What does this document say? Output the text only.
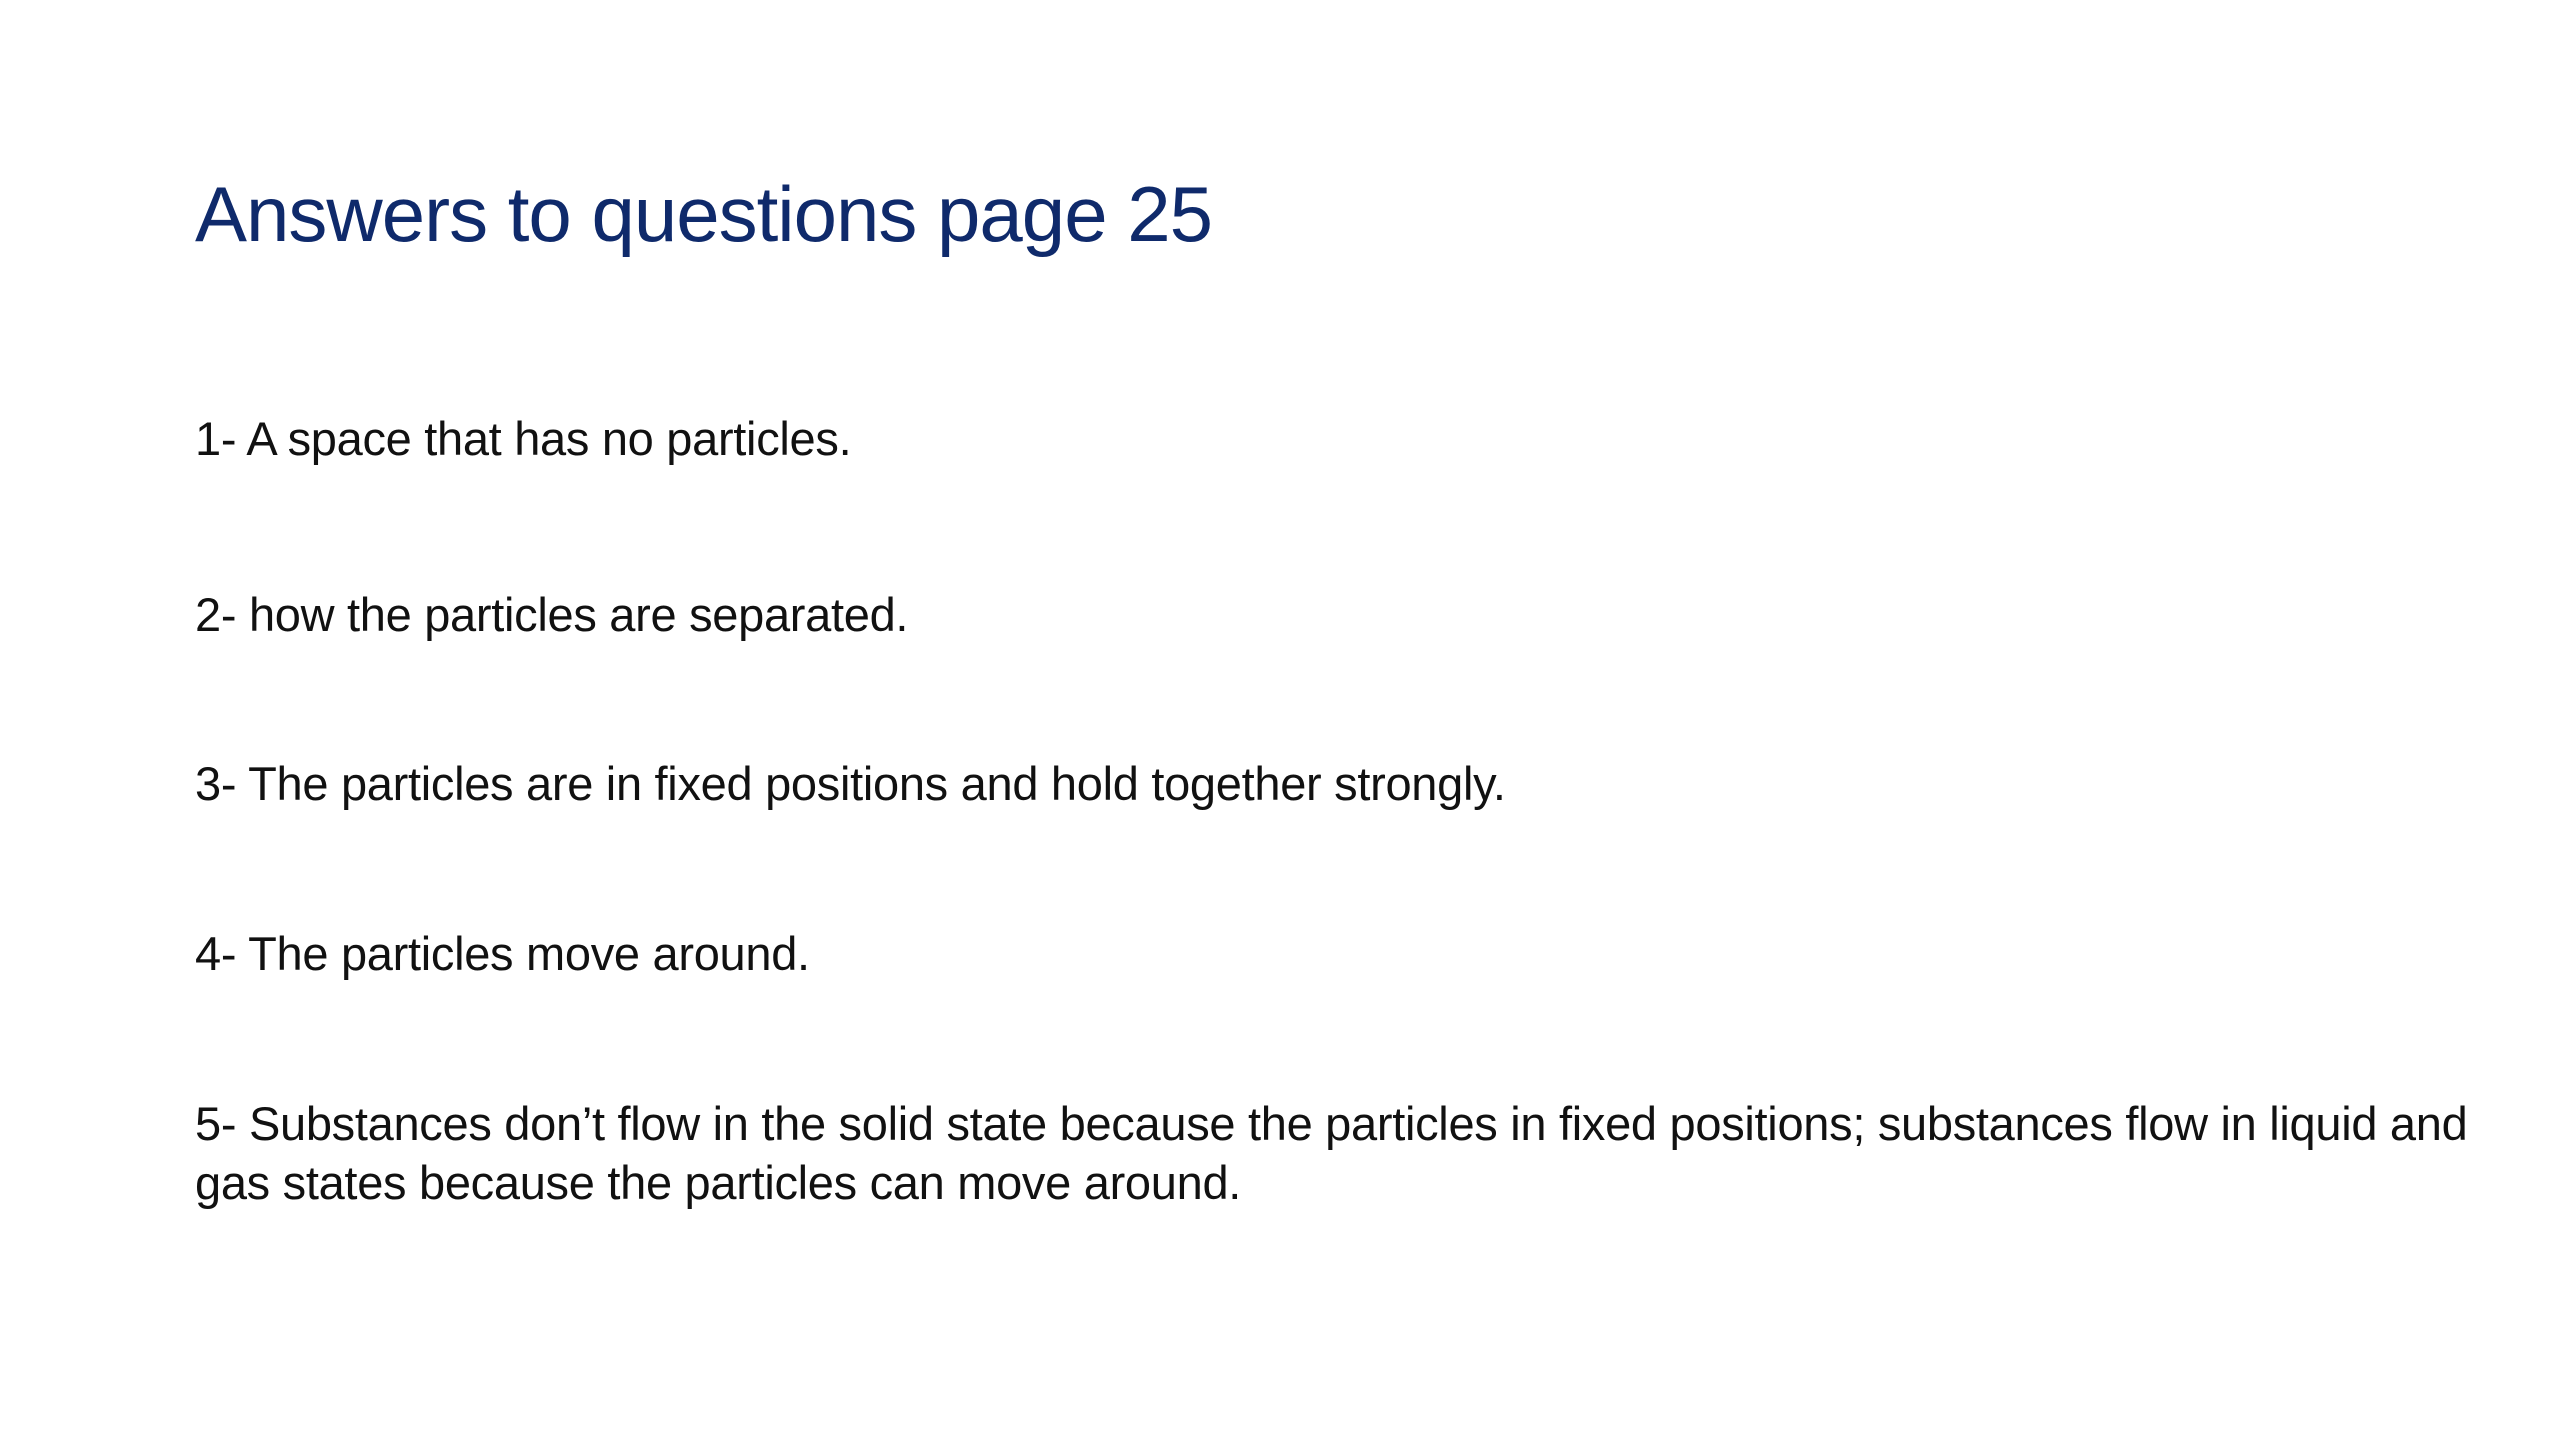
Answers to questions page 25
1- A space that has no particles.
2- how the particles are separated.
3- The particles are in fixed positions and hold together strongly.
4- The particles move around.
5- Substances don’t flow in the solid state because the particles in fixed positions; substances flow in liquid and gas states because the particles can move around.
